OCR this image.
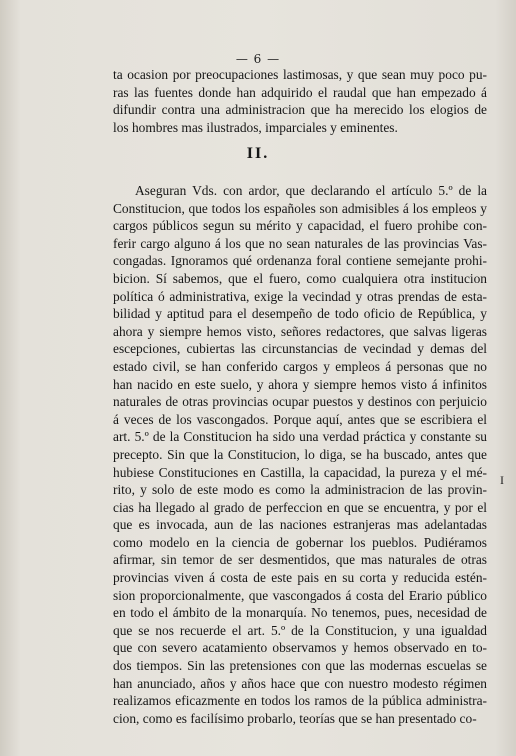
— 6 —
ta ocasion por preocupaciones lastimosas, y que sean muy poco pu-
ras las fuentes donde han adquirido el raudal que han empezado á
difundir contra una administracion que ha merecido los elogios de
los hombres mas ilustrados, imparciales y eminentes.
II.
Aseguran Vds. con ardor, que declarando el artículo 5.º de la
Constitucion, que todos los españoles son admisibles á los empleos y
cargos públicos segun su mérito y capacidad, el fuero prohibe con-
ferir cargo alguno á los que no sean naturales de las provincias Vas-
congadas. Ignoramos qué ordenanza foral contiene semejante prohi-
bicion. Sí sabemos, que el fuero, como cualquiera otra institucion
política ó administrativa, exige la vecindad y otras prendas de esta-
bilidad y aptitud para el desempeño de todo oficio de República, y
ahora y siempre hemos visto, señores redactores, que salvas ligeras
escepciones, cubiertas las circunstancias de vecindad y demas del
estado civil, se han conferido cargos y empleos á personas que no
han nacido en este suelo, y ahora y siempre hemos visto á infinitos
naturales de otras provincias ocupar puestos y destinos con perjuicio
á veces de los vascongados. Porque aquí, antes que se escribiera el
art. 5.º de la Constitucion ha sido una verdad práctica y constante su
precepto. Sin que la Constitucion, lo diga, se ha buscado, antes que
hubiese Constituciones en Castilla, la capacidad, la pureza y el mé-
rito, y solo de este modo es como la administracion de las provin-
cias ha llegado al grado de perfeccion en que se encuentra, y por el
que es invocada, aun de las naciones estranjeras mas adelantadas
como modelo en la ciencia de gobernar los pueblos. Pudiéramos
afirmar, sin temor de ser desmentidos, que mas naturales de otras
provincias viven á costa de este pais en su corta y reducida estén-
sion proporcionalmente, que vascongados á costa del Erario público
en todo el ámbito de la monarquía. No tenemos, pues, necesidad de
que se nos recuerde el art. 5.º de la Constitucion, y una igualdad
que con severo acatamiento observamos y hemos observado en to-
dos tiempos. Sin las pretensiones con que las modernas escuelas se
han anunciado, años y años hace que con nuestro modesto régimen
realizamos eficazmente en todos los ramos de la pública administra-
cion, como es facilísimo probarlo, teorías que se han presentado co-
I
